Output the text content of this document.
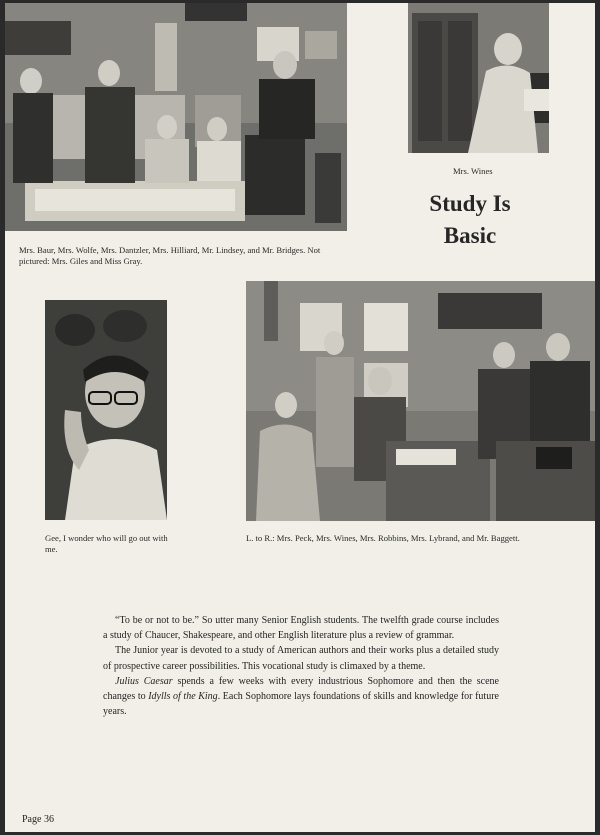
Mrs. Baur, Mrs. Wolfe, Mrs. Dantzler, Mrs. Hilliard, Mr. Lindsey, and Mr. Bridges. Not pictured: Mrs. Giles and Miss Gray.
Mrs. Wines
Study Is
Basic
Gee, I wonder who will go out with me.
L. to R.: Mrs. Peck, Mrs. Wines, Mrs. Robbins, Mrs. Lybrand, and Mr. Baggett.

“To be or not to be.” So utter many Senior English students. The twelfth grade course includes a study of Chaucer, Shakespeare, and other English literature plus a review of grammar.

The Junior year is devoted to a study of American authors and their works plus a detailed study of prospective career possibilities. This vocational study is climaxed by a theme.

Julius Caesar spends a few weeks with every industrious Sophomore and then the scene changes to Idylls of the King. Each Sophomore lays foundations of skills and knowledge for future years.

Page 36
